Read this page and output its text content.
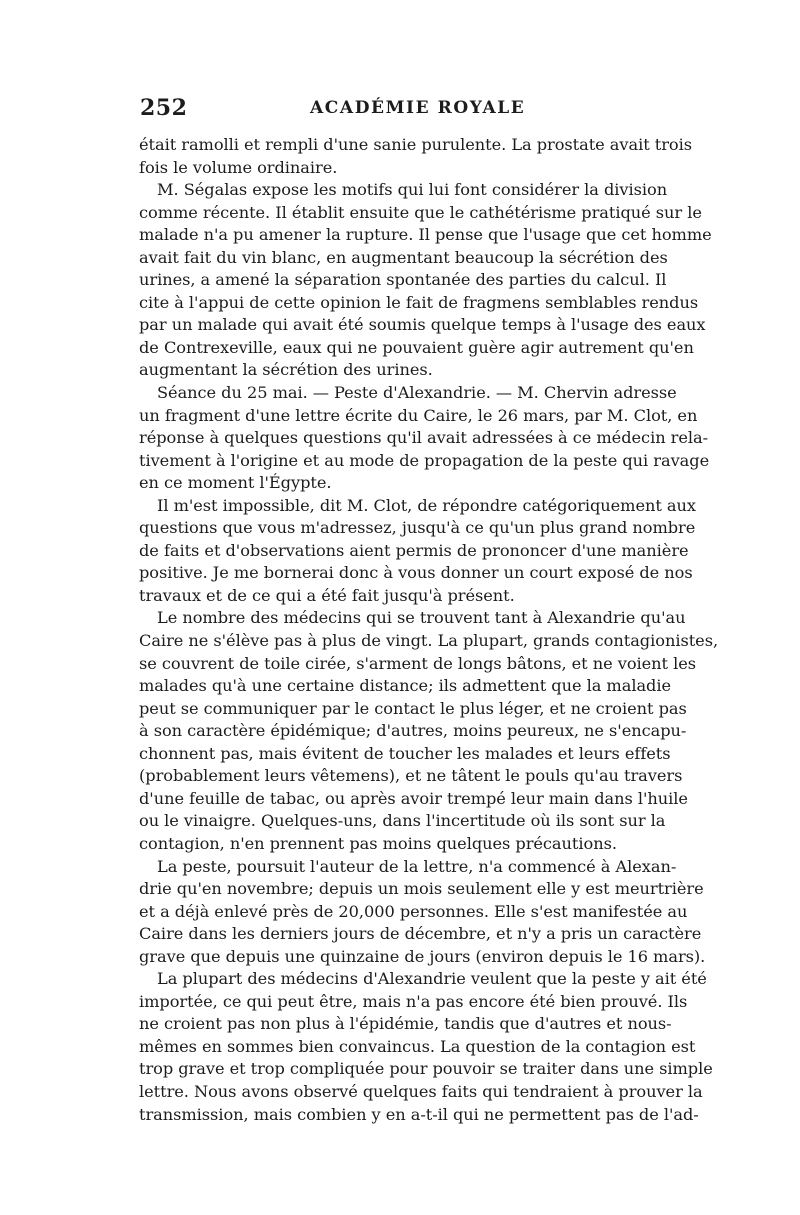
252	ACADÉMIE ROYALE
était ramolli et rempli d'une sanie purulente. La prostate avait trois
fois le volume ordinaire.
M. Ségalas expose les motifs qui lui font considérer la division
comme récente. Il établit ensuite que le cathétérisme pratiqué sur le
malade n'a pu amener la rupture. Il pense que l'usage que cet homme
avait fait du vin blanc, en augmentant beaucoup la sécrétion des
urines, a amené la séparation spontanée des parties du calcul. Il
cite à l'appui de cette opinion le fait de fragmens semblables rendus
par un malade qui avait été soumis quelque temps à l'usage des eaux
de Contrexeville, eaux qui ne pouvaient guère agir autrement qu'en
augmentant la sécrétion des urines.
Séance du 25 mai. — Peste d'Alexandrie. — M. Chervin adresse
un fragment d'une lettre écrite du Caire, le 26 mars, par M. Clot, en
réponse à quelques questions qu'il avait adressées à ce médecin rela-
tivement à l'origine et au mode de propagation de la peste qui ravage
en ce moment l'Égypte.
Il m'est impossible, dit M. Clot, de répondre catégoriquement aux
questions que vous m'adressez, jusqu'à ce qu'un plus grand nombre
de faits et d'observations aient permis de prononcer d'une manière
positive. Je me bornerai donc à vous donner un court exposé de nos
travaux et de ce qui a été fait jusqu'à présent.
Le nombre des médecins qui se trouvent tant à Alexandrie qu'au
Caire ne s'élève pas à plus de vingt. La plupart, grands contagionistes,
se couvrent de toile cirée, s'arment de longs bâtons, et ne voient les
malades qu'à une certaine distance; ils admettent que la maladie
peut se communiquer par le contact le plus léger, et ne croient pas
à son caractère épidémique; d'autres, moins peureux, ne s'encapu-
chonnent pas, mais évitent de toucher les malades et leurs effets
(probablement leurs vêtemens), et ne tâtent le pouls qu'au travers
d'une feuille de tabac, ou après avoir trempé leur main dans l'huile
ou le vinaigre. Quelques-uns, dans l'incertitude où ils sont sur la
contagion, n'en prennent pas moins quelques précautions.
La peste, poursuit l'auteur de la lettre, n'a commencé à Alexan-
drie qu'en novembre; depuis un mois seulement elle y est meurtrière
et a déjà enlevé près de 20,000 personnes. Elle s'est manifestée au
Caire dans les derniers jours de décembre, et n'y a pris un caractère
grave que depuis une quinzaine de jours (environ depuis le 16 mars).
La plupart des médecins d'Alexandrie veulent que la peste y ait été
importée, ce qui peut être, mais n'a pas encore été bien prouvé. Ils
ne croient pas non plus à l'épidémie, tandis que d'autres et nous-
mêmes en sommes bien convaincus. La question de la contagion est
trop grave et trop compliquée pour pouvoir se traiter dans une simple
lettre. Nous avons observé quelques faits qui tendraient à prouver la
transmission, mais combien y en a-t-il qui ne permettent pas de l'ad-
